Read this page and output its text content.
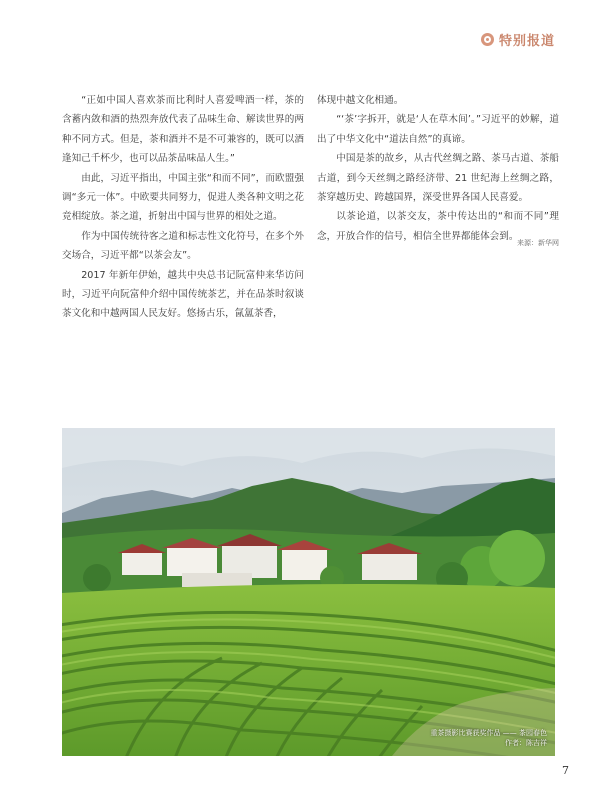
特别报道

“正如中国人喜欢茶而比利时人喜爱啤酒一样，茶的含蓄内敛和酒的热烈奔放代表了品味生命、解读世界的两种不同方式。但是，茶和酒并不是不可兼容的，既可以酒逢知己千杯少，也可以品茶品味品人生。”

由此，习近平指出，中国主张“和而不同”，而欧盟强调“多元一体”。中欧要共同努力，促进人类各种文明之花竞相绽放。茶之道，折射出中国与世界的相处之道。

作为中国传统待客之道和标志性文化符号，在多个外交场合，习近平都“以茶会友”。

2017 年新年伊始，越共中央总书记阮富仲来华访问时，习近平向阮富仲介绍中国传统茶艺，并在品茶时叙谈茶文化和中越两国人民友好。悠扬古乐，氤氲茶香，

体现中越文化相通。

“‘茶’字拆开，就是‘人在草木间’。”习近平的妙解，道出了中华文化中“道法自然”的真谛。

中国是茶的故乡，从古代丝绸之路、茶马古道、茶船古道，到今天丝绸之路经济带、21 世纪海上丝绸之路，茶穿越历史、跨越国界，深受世界各国人民喜爱。

以茶论道，以茶交友，茶中传达出的“和而不同”理念，开放合作的信号，相信全世界都能体会到。

来源：新华网
重茶摄影比赛获奖作品 —— 茶园春色
作者：陈吉祥
7
